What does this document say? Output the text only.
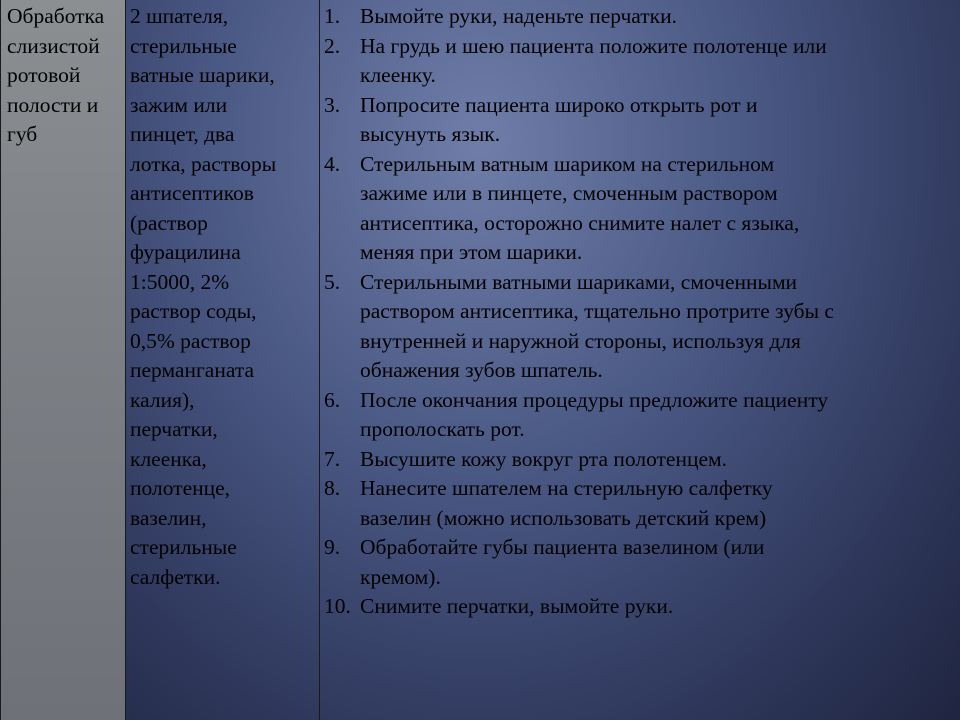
Обработка
слизистой
ротовой
полости и
губ
2 шпателя,
стерильные
ватные шарики,
зажим или
пинцет, два
лотка, растворы
антисептиков
(раствор
фурацилина
1:5000, 2%
раствор соды,
0,5% раствор
перманганата
калия),
перчатки,
клеенка,
полотенце,
вазелин,
стерильные
салфетки.
1. Вымойте руки, наденьте перчатки.
2. На грудь и шею пациента положите полотенце или
клеенку.
3. Попросите пациента широко открыть рот и
высунуть язык.
4. Стерильным ватным шариком на стерильном
зажиме или в пинцете, смоченным раствором
антисептика, осторожно снимите налет с языка,
меняя при этом шарики.
5. Стерильными ватными шариками, смоченными
раствором антисептика, тщательно протрите зубы с
внутренней и наружной стороны, используя для
обнажения зубов шпатель.
6. После окончания процедуры предложите пациенту
прополоскать рот.
7. Высушите кожу вокруг рта полотенцем.
8. Нанесите шпателем на стерильную салфетку
вазелин (можно использовать детский крем)
9. Обработайте губы пациента вазелином (или
кремом).
10. Снимите перчатки, вымойте руки.
